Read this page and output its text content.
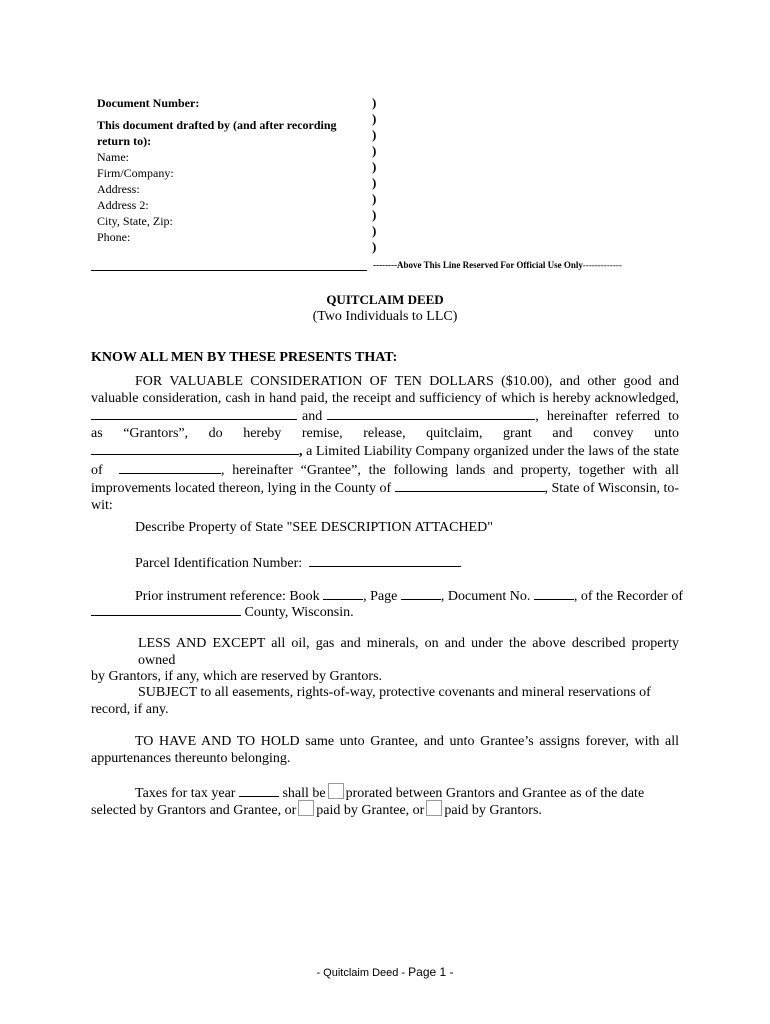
Document Number:
This document drafted by (and after recording
return to):
Name:
Firm/Company:
Address:
Address 2:
City, State, Zip:
Phone:
)
)
)
)
)
)
)
)
)
)
--------Above This Line Reserved For Official Use Only-------------
QUITCLAIM DEED
(Two Individuals to LLC)
KNOW ALL MEN BY THESE PRESENTS THAT:
FOR VALUABLE CONSIDERATION OF TEN DOLLARS ($10.00), and other good and
valuable consideration, cash in hand paid, the receipt and sufficiency of which is hereby acknowledged,
and	, hereinafter referred to
as “Grantors”, do hereby remise, release, quitclaim, grant and convey unto
, a Limited Liability Company organized under the laws of the state
of	, hereinafter “Grantee”, the following lands and property, together with all
improvements located thereon, lying in the County of	, State of Wisconsin, to-
wit:
Describe Property of State "SEE DESCRIPTION ATTACHED"
Parcel Identification Number:
Prior instrument reference: Book	, Page	, Document No.	, of the Recorder of
County, Wisconsin.
LESS AND EXCEPT all oil, gas and minerals, on and under the above described property owned
by Grantors, if any, which are reserved by Grantors.
SUBJECT to all easements, rights-of-way, protective covenants and mineral reservations of
record, if any.
TO HAVE AND TO HOLD same unto Grantee, and unto Grantee’s assigns forever, with all
appurtenances thereunto belonging.
Taxes for tax year	shall be prorated between Grantors and Grantee as of the date
selected by Grantors and Grantee, or paid by Grantee, or paid by Grantors.
- Quitclaim Deed - Page 1 -
